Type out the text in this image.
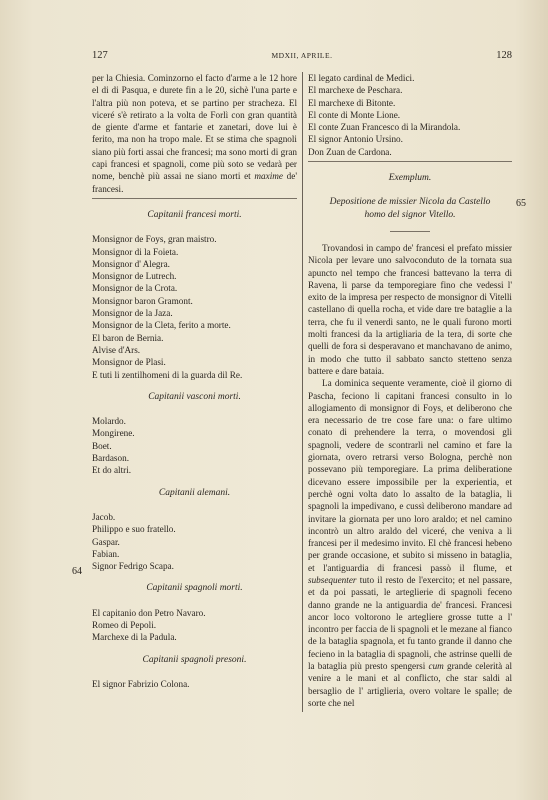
127	MDXII, APRILE.	128
64
65

per la Chiesia. Cominzorno el facto d'arme a le 12 hore el di di Pasqua, e durete fin a le 20, sichè l'una parte e l'altra più non poteva, et se partino per stracheza. El viceré s'è retirato a la volta de Forlì con gran quantità de giente d'arme et fantarie et zanetari, dove lui è ferito, ma non ha tropo male. Et se stima che spagnoli siano più forti assai che francesi; ma sono morti di gran capi francesi et spagnoli, come più soto se vedarà per nome, benchè più assai ne siano morti et maxime de' francesi.

Capitanii francesi morti.
Monsignor de Foys, gran maistro.
Monsignor di la Foieta.
Monsignor d' Alegra.
Monsignor de Lutrech.
Monsignor de la Crota.
Monsignor baron Gramont.
Monsignor de la Jaza.
Monsignor de la Cleta, ferito a morte.
El baron de Bernia.
Alvise d'Ars.
Monsignor de Plasi.
E tuti li zentilhomeni di la guarda dil Re.
Capitanii vasconi morti.
Molardo.
Mongirene.
Boet.
Bardason.
Et do altri.
Capitanii alemani.
Jacob.
Philippo e suo fratello.
Gaspar.
Fabian.
Signor Fedrigo Scapa.
Capitanii spagnoli morti.
El capitanio don Petro Navaro.
Romeo di Pepoli.
Marchexe di la Padula.
Capitanii spagnoli presoni.
El signor Fabrizio Colona.
El legato cardinal de Medici.
El marchexe de Peschara.
El marchexe di Bitonte.
El conte di Monte Lione.
El conte Zuan Francesco di la Mirandola.
El signor Antonio Ursino.
Don Zuan de Cardona.
Exemplum.
Depositione de missier Nicola da Castello
homo del signor Vitello.

Trovandosi in campo de' francesi el prefato missier Nicola per levare uno salvoconduto de la tornata sua apuncto nel tempo che francesi battevano la terra di Ravena, li parse da temporegiare fino che vedessi l' exito de la impresa per respecto de monsignor di Vitelli castellano di quella rocha, et vide dare tre bataglie a la terra, che fu il venerdì santo, ne le quali furono morti molti francesi da la artigliaria de la tera, di sorte che quelli de fora si desperavano et manchavano de animo, in modo che tutto il sabbato sancto stetteno senza battere e dare bataia.

La dominica sequente veramente, cioè il giorno di Pascha, feciono li capitani francesi consulto in lo allogiamento di monsignor di Foys, et deliberono che era necessario de tre cose fare una: o fare ultimo conato di prehendere la terra, o movendosi gli spagnoli, vedere de scontrarli nel camino et fare la giornata, overo retrarsi verso Bologna, perchè non possevano più temporegiare. La prima deliberatione dicevano essere impossibile per la experientia, et perchè ogni volta dato lo assalto de la bataglia, li spagnoli la impedivano, e cussì deliberono mandare ad invitare la giornata per uno loro araldo; et nel camino incontrò un altro araldo del viceré, che veniva a li francesi per il medesimo invito. El chè francesi hebeno per grande occasione, et subito si misseno in bataglia, et l'antiguardia di francesi passò il flume, et subsequenter tuto il resto de l'exercito; et nel passare, et da poi passati, le arteglierie di spagnoli feceno danno grande ne la antiguardia de' francesi. Francesi ancor loco voltorono le artegliere grosse tutte a l' incontro per faccia de li spagnoli et le mezane al fianco de la bataglia spagnola, et fu tanto grande il danno che fecieno in la bataglia di spagnoli, che astrinse quelli de la bataglia più presto spengersi cum grande celerità al venire a le mani et al conflicto, che star saldi al bersaglio de l' artiglieria, overo voltare le spalle; de sorte che nel
